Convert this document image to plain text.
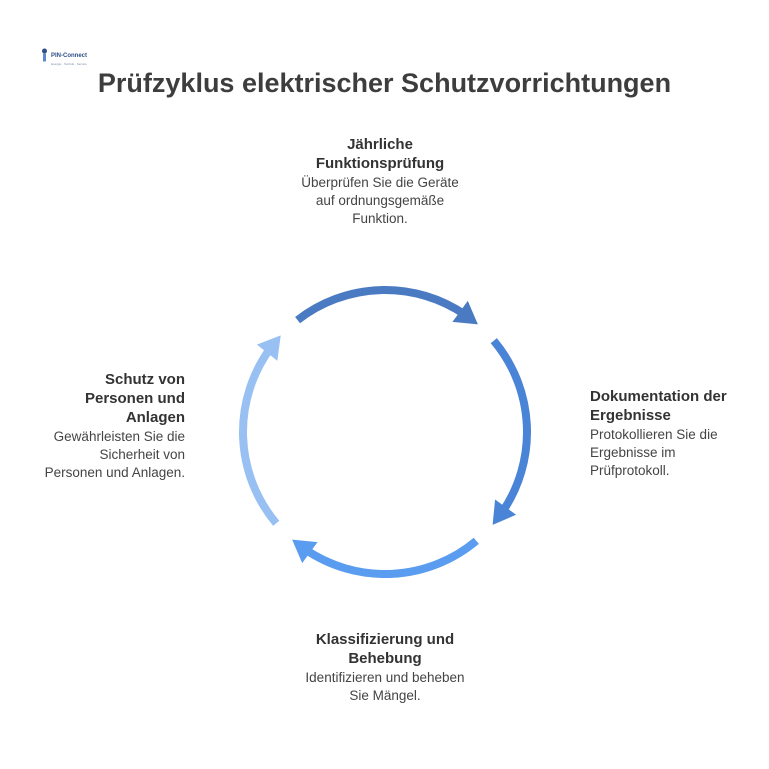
PIN-Connect
Energie · Technik · Service
Prüfzyklus elektrischer Schutzvorrichtungen
Jährliche Funktionsprüfung
Überprüfen Sie die Geräte auf ordnungsgemäße Funktion.
Dokumentation der Ergebnisse
Protokollieren Sie die Ergebnisse im Prüfprotokoll.
Klassifizierung und Behebung
Identifizieren und beheben Sie Mängel.
Schutz von Personen und Anlagen
Gewährleisten Sie die Sicherheit von Personen und Anlagen.
